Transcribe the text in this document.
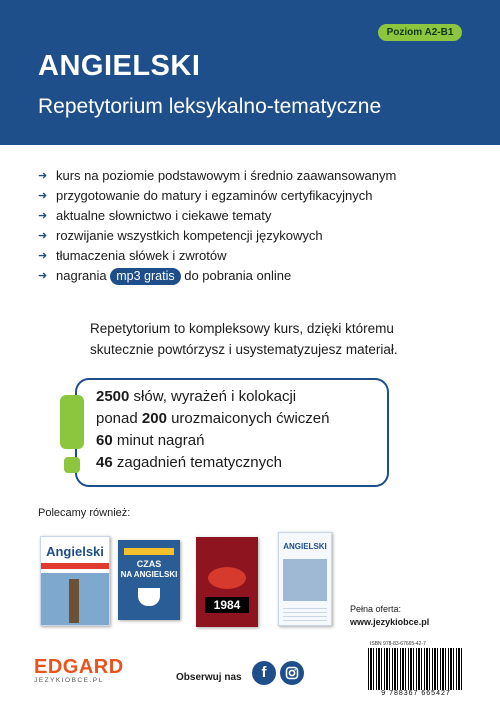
Poziom A2-B1
ANGIELSKI
Repetytorium leksykalno-tematyczne
➜ kurs na poziomie podstawowym i średnio zaawansowanym
➜ przygotowanie do matury i egzaminów certyfikacyjnych
➜ aktualne słownictwo i ciekawe tematy
➜ rozwijanie wszystkich kompetencji językowych
➜ tłumaczenia słówek i zwrotów
➜ nagrania mp3 gratis do pobrania online
Repetytorium to kompleksowy kurs, dzięki któremu
skutecznie powtórzysz i usystematyzujesz materiał.
2500 słów, wyrażeń i kolokacji
ponad 200 urozmaiconych ćwiczeń
60 minut nagrań
46 zagadnień tematycznych
Polecamy również:
Angielski
CZAS
NA ANGIELSKI
1984
ANGIELSKI
Pełna oferta:
www.jezykiobce.pl
ISBN 978-83-67665-42-7
9 788367 665427
EDGARD
JEZYKIOBCE.PL	Obserwuj nas	f
